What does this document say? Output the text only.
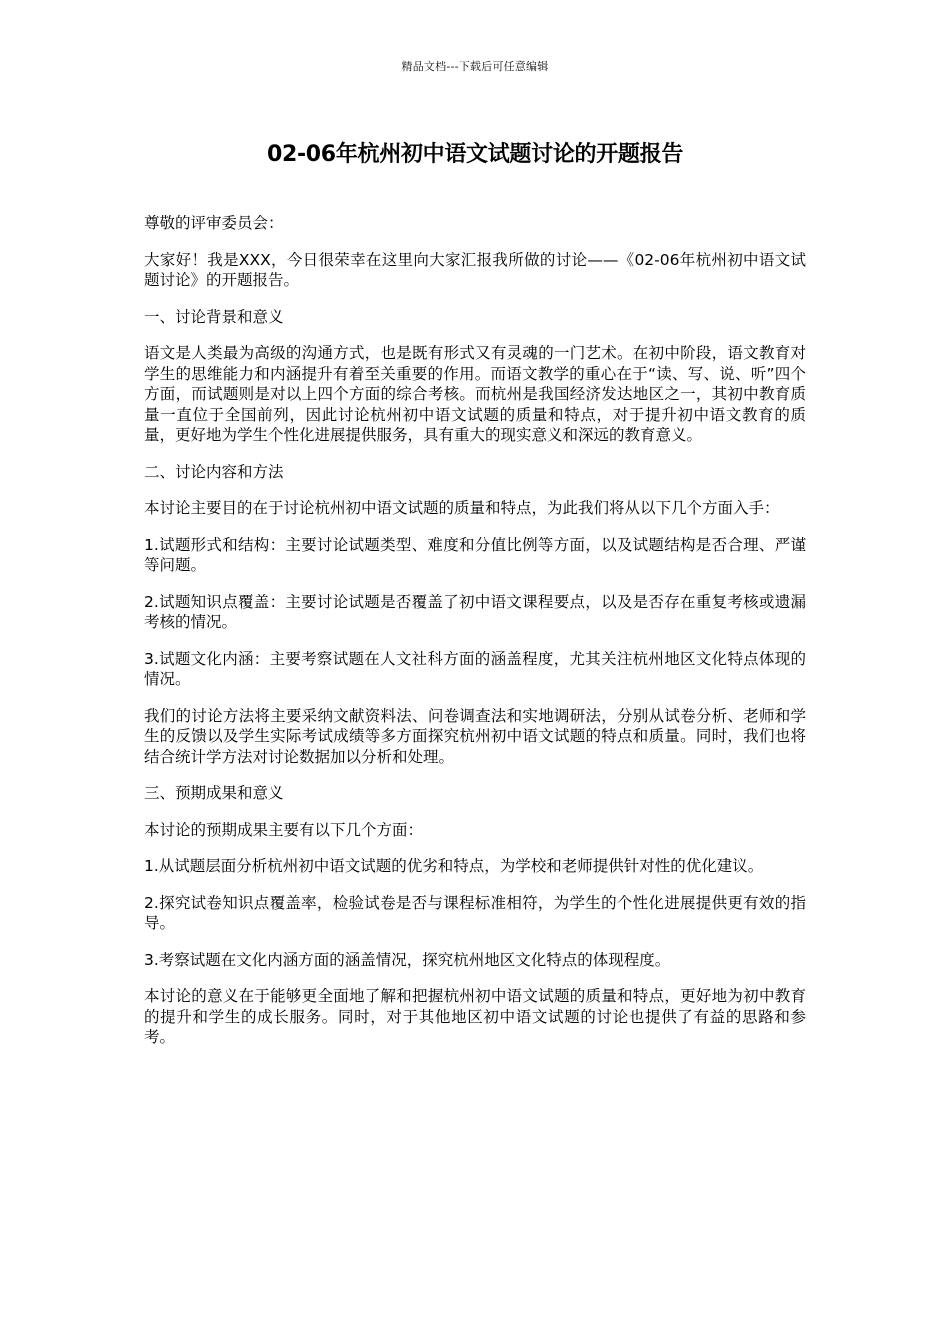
精品文档---下载后可任意编辑
02-06年杭州初中语文试题讨论的开题报告

尊敬的评审委员会：

大家好！我是XXX，今日很荣幸在这里向大家汇报我所做的讨论——《02-06年杭州初中语文试题讨论》的开题报告。

一、讨论背景和意义

语文是人类最为高级的沟通方式，也是既有形式又有灵魂的一门艺术。在初中阶段，语文教育对学生的思维能力和内涵提升有着至关重要的作用。而语文教学的重心在于“读、写、说、听”四个方面，而试题则是对以上四个方面的综合考核。而杭州是我国经济发达地区之一，其初中教育质量一直位于全国前列，因此讨论杭州初中语文试题的质量和特点，对于提升初中语文教育的质量，更好地为学生个性化进展提供服务，具有重大的现实意义和深远的教育意义。

二、讨论内容和方法

本讨论主要目的在于讨论杭州初中语文试题的质量和特点，为此我们将从以下几个方面入手：

1.试题形式和结构：主要讨论试题类型、难度和分值比例等方面，以及试题结构是否合理、严谨等问题。

2.试题知识点覆盖：主要讨论试题是否覆盖了初中语文课程要点，以及是否存在重复考核或遗漏考核的情况。

3.试题文化内涵：主要考察试题在人文社科方面的涵盖程度，尤其关注杭州地区文化特点体现的情况。

我们的讨论方法将主要采纳文献资料法、问卷调查法和实地调研法，分别从试卷分析、老师和学生的反馈以及学生实际考试成绩等多方面探究杭州初中语文试题的特点和质量。同时，我们也将结合统计学方法对讨论数据加以分析和处理。

三、预期成果和意义

本讨论的预期成果主要有以下几个方面：

1.从试题层面分析杭州初中语文试题的优劣和特点，为学校和老师提供针对性的优化建议。

2.探究试卷知识点覆盖率，检验试卷是否与课程标准相符，为学生的个性化进展提供更有效的指导。

3.考察试题在文化内涵方面的涵盖情况，探究杭州地区文化特点的体现程度。

本讨论的意义在于能够更全面地了解和把握杭州初中语文试题的质量和特点，更好地为初中教育的提升和学生的成长服务。同时，对于其他地区初中语文试题的讨论也提供了有益的思路和参考。
